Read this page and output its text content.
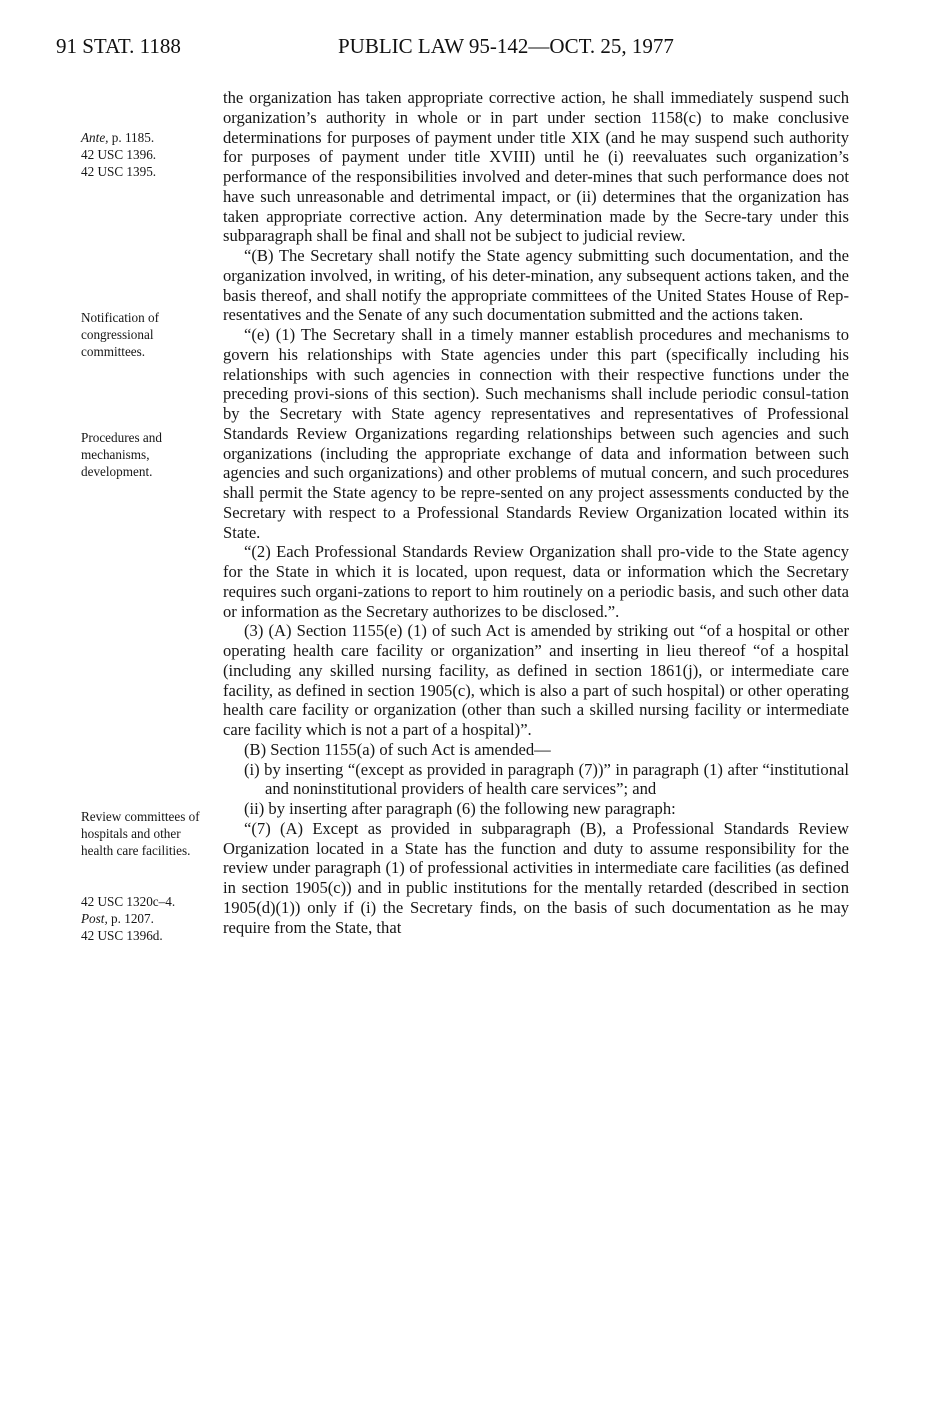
91 STAT. 1188	PUBLIC LAW 95-142—OCT. 25, 1977
Ante, p. 1185.
42 USC 1396.
42 USC 1395.
Notification of congressional committees.
Procedures and mechanisms, development.
Review committees of hospitals and other health care facilities.
42 USC 1320c–4.
Post, p. 1207.
42 USC 1396d.

the organization has taken appropriate corrective action, he shall immediately suspend such organization’s authority in whole or in part under section 1158(c) to make conclusive determinations for purposes of payment under title XIX (and he may suspend such authority for purposes of payment under title XVIII) until he (i) reevaluates such organization’s performance of the responsibilities involved and deter-mines that such performance does not have such unreasonable and detrimental impact, or (ii) determines that the organization has taken appropriate corrective action. Any determination made by the Secre-tary under this subparagraph shall be final and shall not be subject to judicial review.

“(B) The Secretary shall notify the State agency submitting such documentation, and the organization involved, in writing, of his deter-mination, any subsequent actions taken, and the basis thereof, and shall notify the appropriate committees of the United States House of Rep-resentatives and the Senate of any such documentation submitted and the actions taken.

“(e) (1) The Secretary shall in a timely manner establish procedures and mechanisms to govern his relationships with State agencies under this part (specifically including his relationships with such agencies in connection with their respective functions under the preceding provi-sions of this section). Such mechanisms shall include periodic consul-tation by the Secretary with State agency representatives and representatives of Professional Standards Review Organizations regarding relationships between such agencies and such organizations (including the appropriate exchange of data and information between such agencies and such organizations) and other problems of mutual concern, and such procedures shall permit the State agency to be repre-sented on any project assessments conducted by the Secretary with respect to a Professional Standards Review Organization located within its State.

“(2) Each Professional Standards Review Organization shall pro-vide to the State agency for the State in which it is located, upon request, data or information which the Secretary requires such organi-zations to report to him routinely on a periodic basis, and such other data or information as the Secretary authorizes to be disclosed.”.

(3) (A) Section 1155(e) (1) of such Act is amended by striking out “of a hospital or other operating health care facility or organization” and inserting in lieu thereof “of a hospital (including any skilled nursing facility, as defined in section 1861(j), or intermediate care facility, as defined in section 1905(c), which is also a part of such hospital) or other operating health care facility or organization (other than such a skilled nursing facility or intermediate care facility which is not a part of a hospital)”.

(B) Section 1155(a) of such Act is amended—

(i) by inserting “(except as provided in paragraph (7))” in paragraph (1) after “institutional and noninstitutional providers of health care services”; and

(ii) by inserting after paragraph (6) the following new paragraph:

“(7) (A) Except as provided in subparagraph (B), a Professional Standards Review Organization located in a State has the function and duty to assume responsibility for the review under paragraph (1) of professional activities in intermediate care facilities (as defined in section 1905(c)) and in public institutions for the mentally retarded (described in section 1905(d)(1)) only if (i) the Secretary finds, on the basis of such documentation as he may require from the State, that
